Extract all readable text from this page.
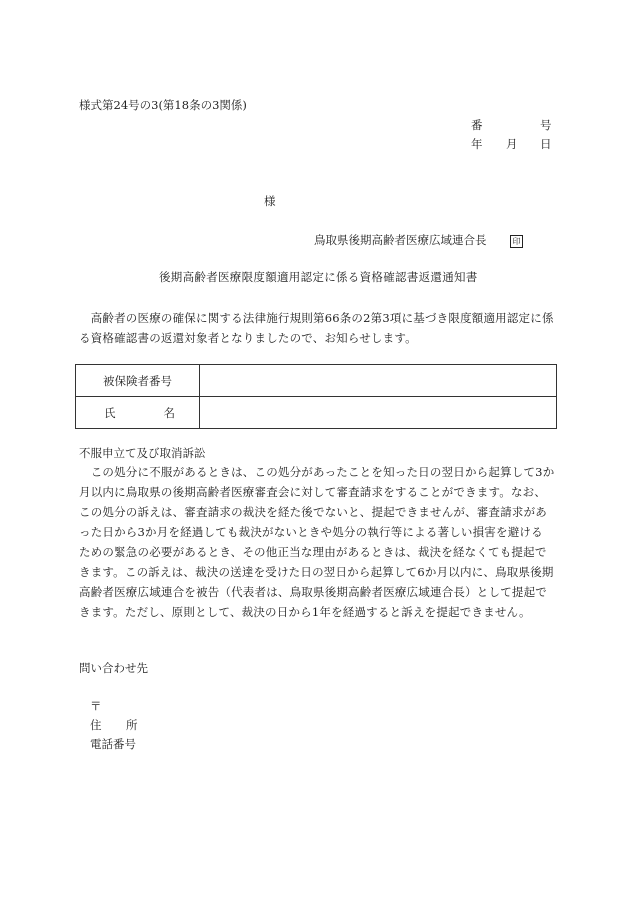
様式第24号の3(第18条の3関係)
番	号
年 月 日
様
鳥取県後期高齢者医療広域連合長	印
後期高齢者医療限度額適用認定に係る資格確認書返還通知書
　高齢者の医療の確保に関する法律施行規則第66条の2第3項に基づき限度額適用認定に係
る資格確認書の返還対象者となりましたので、お知らせします。
被保険者番号	
氏 名	
不服申立て及び取消訴訟
　この処分に不服があるときは、この処分があったことを知った日の翌日から起算して3か
月以内に鳥取県の後期高齢者医療審査会に対して審査請求をすることができます。なお、
この処分の訴えは、審査請求の裁決を経た後でないと、提起できませんが、審査請求があ
った日から3か月を経過しても裁決がないときや処分の執行等による著しい損害を避ける
ための緊急の必要があるとき、その他正当な理由があるときは、裁決を経なくても提起で
きます。この訴えは、裁決の送達を受けた日の翌日から起算して6か月以内に、鳥取県後期
高齢者医療広域連合を被告（代表者は、鳥取県後期高齢者医療広域連合長）として提起で
きます。ただし、原則として、裁決の日から1年を経過すると訴えを提起できません。
問い合わせ先
〒
住 所
電話番号
